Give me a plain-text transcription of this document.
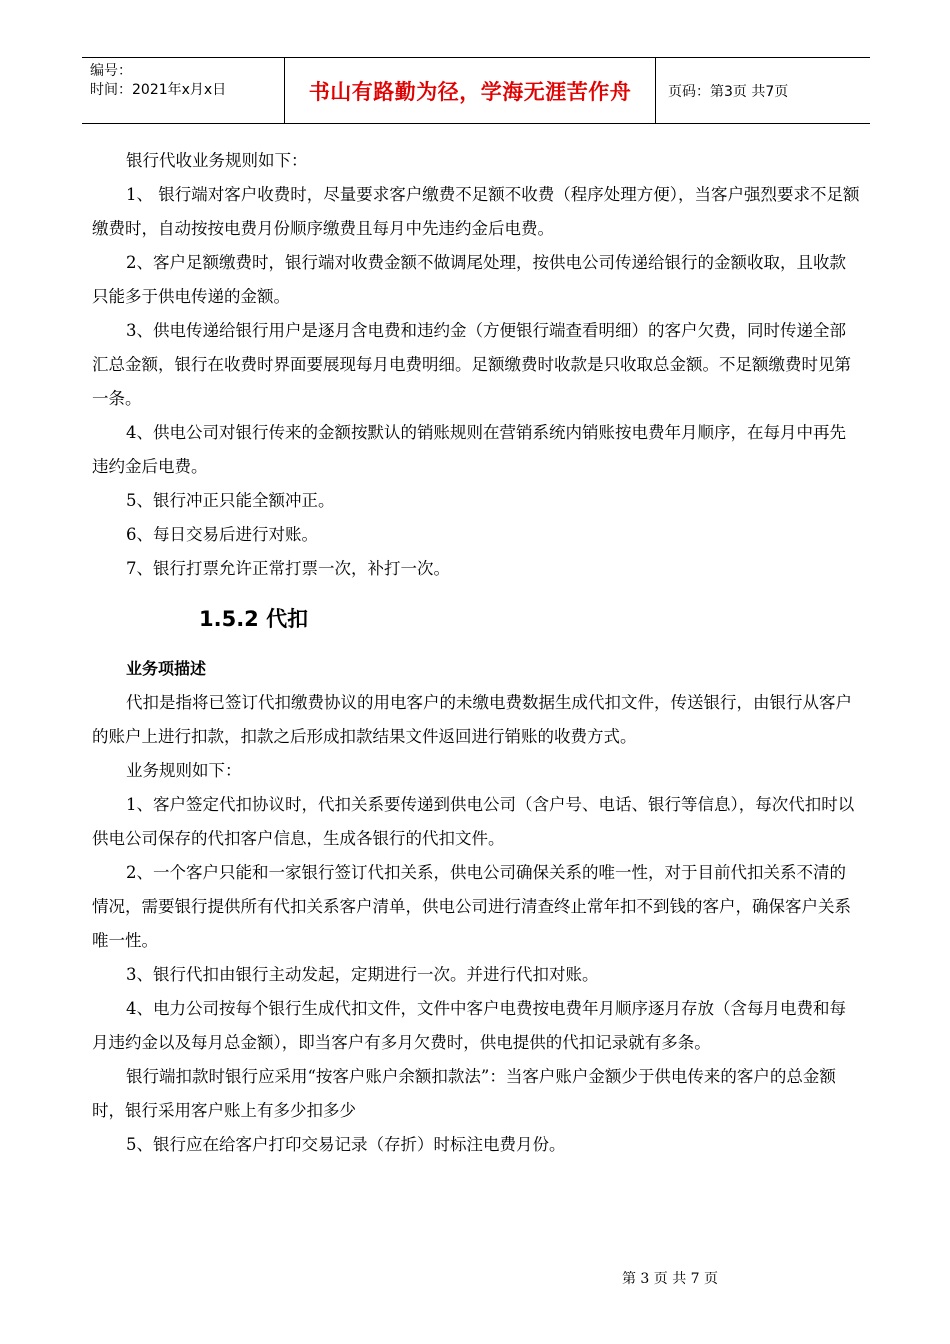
编号：
时间：2021年x月x日	书山有路勤为径，学海无涯苦作舟	页码：第3页 共7页

银行代收业务规则如下：

1、 银行端对客户收费时，尽量要求客户缴费不足额不收费（程序处理方便），当客户强烈要求不足额缴费时，自动按按电费月份顺序缴费且每月中先违约金后电费。

2、客户足额缴费时，银行端对收费金额不做调尾处理，按供电公司传递给银行的金额收取，且收款只能多于供电传递的金额。

3、供电传递给银行用户是逐月含电费和违约金（方便银行端查看明细）的客户欠费，同时传递全部汇总金额，银行在收费时界面要展现每月电费明细。足额缴费时收款是只收取总金额。不足额缴费时见第一条。

4、供电公司对银行传来的金额按默认的销账规则在营销系统内销账按电费年月顺序，在每月中再先违约金后电费。

5、银行冲正只能全额冲正。

6、每日交易后进行对账。

7、银行打票允许正常打票一次，补打一次。

1.5.2 代扣

业务项描述

代扣是指将已签订代扣缴费协议的用电客户的未缴电费数据生成代扣文件，传送银行，由银行从客户的账户上进行扣款，扣款之后形成扣款结果文件返回进行销账的收费方式。

业务规则如下：

1、客户签定代扣协议时，代扣关系要传递到供电公司（含户号、电话、银行等信息），每次代扣时以供电公司保存的代扣客户信息，生成各银行的代扣文件。

2、一个客户只能和一家银行签订代扣关系，供电公司确保关系的唯一性，对于目前代扣关系不清的情况，需要银行提供所有代扣关系客户清单，供电公司进行清查终止常年扣不到钱的客户，确保客户关系唯一性。

3、银行代扣由银行主动发起，定期进行一次。并进行代扣对账。

4、电力公司按每个银行生成代扣文件，文件中客户电费按电费年月顺序逐月存放（含每月电费和每月违约金以及每月总金额），即当客户有多月欠费时，供电提供的代扣记录就有多条。

银行端扣款时银行应采用“按客户账户余额扣款法”：当客户账户金额少于供电传来的客户的总金额时，银行采用客户账上有多少扣多少

5、银行应在给客户打印交易记录（存折）时标注电费月份。

第 3 页 共 7 页
